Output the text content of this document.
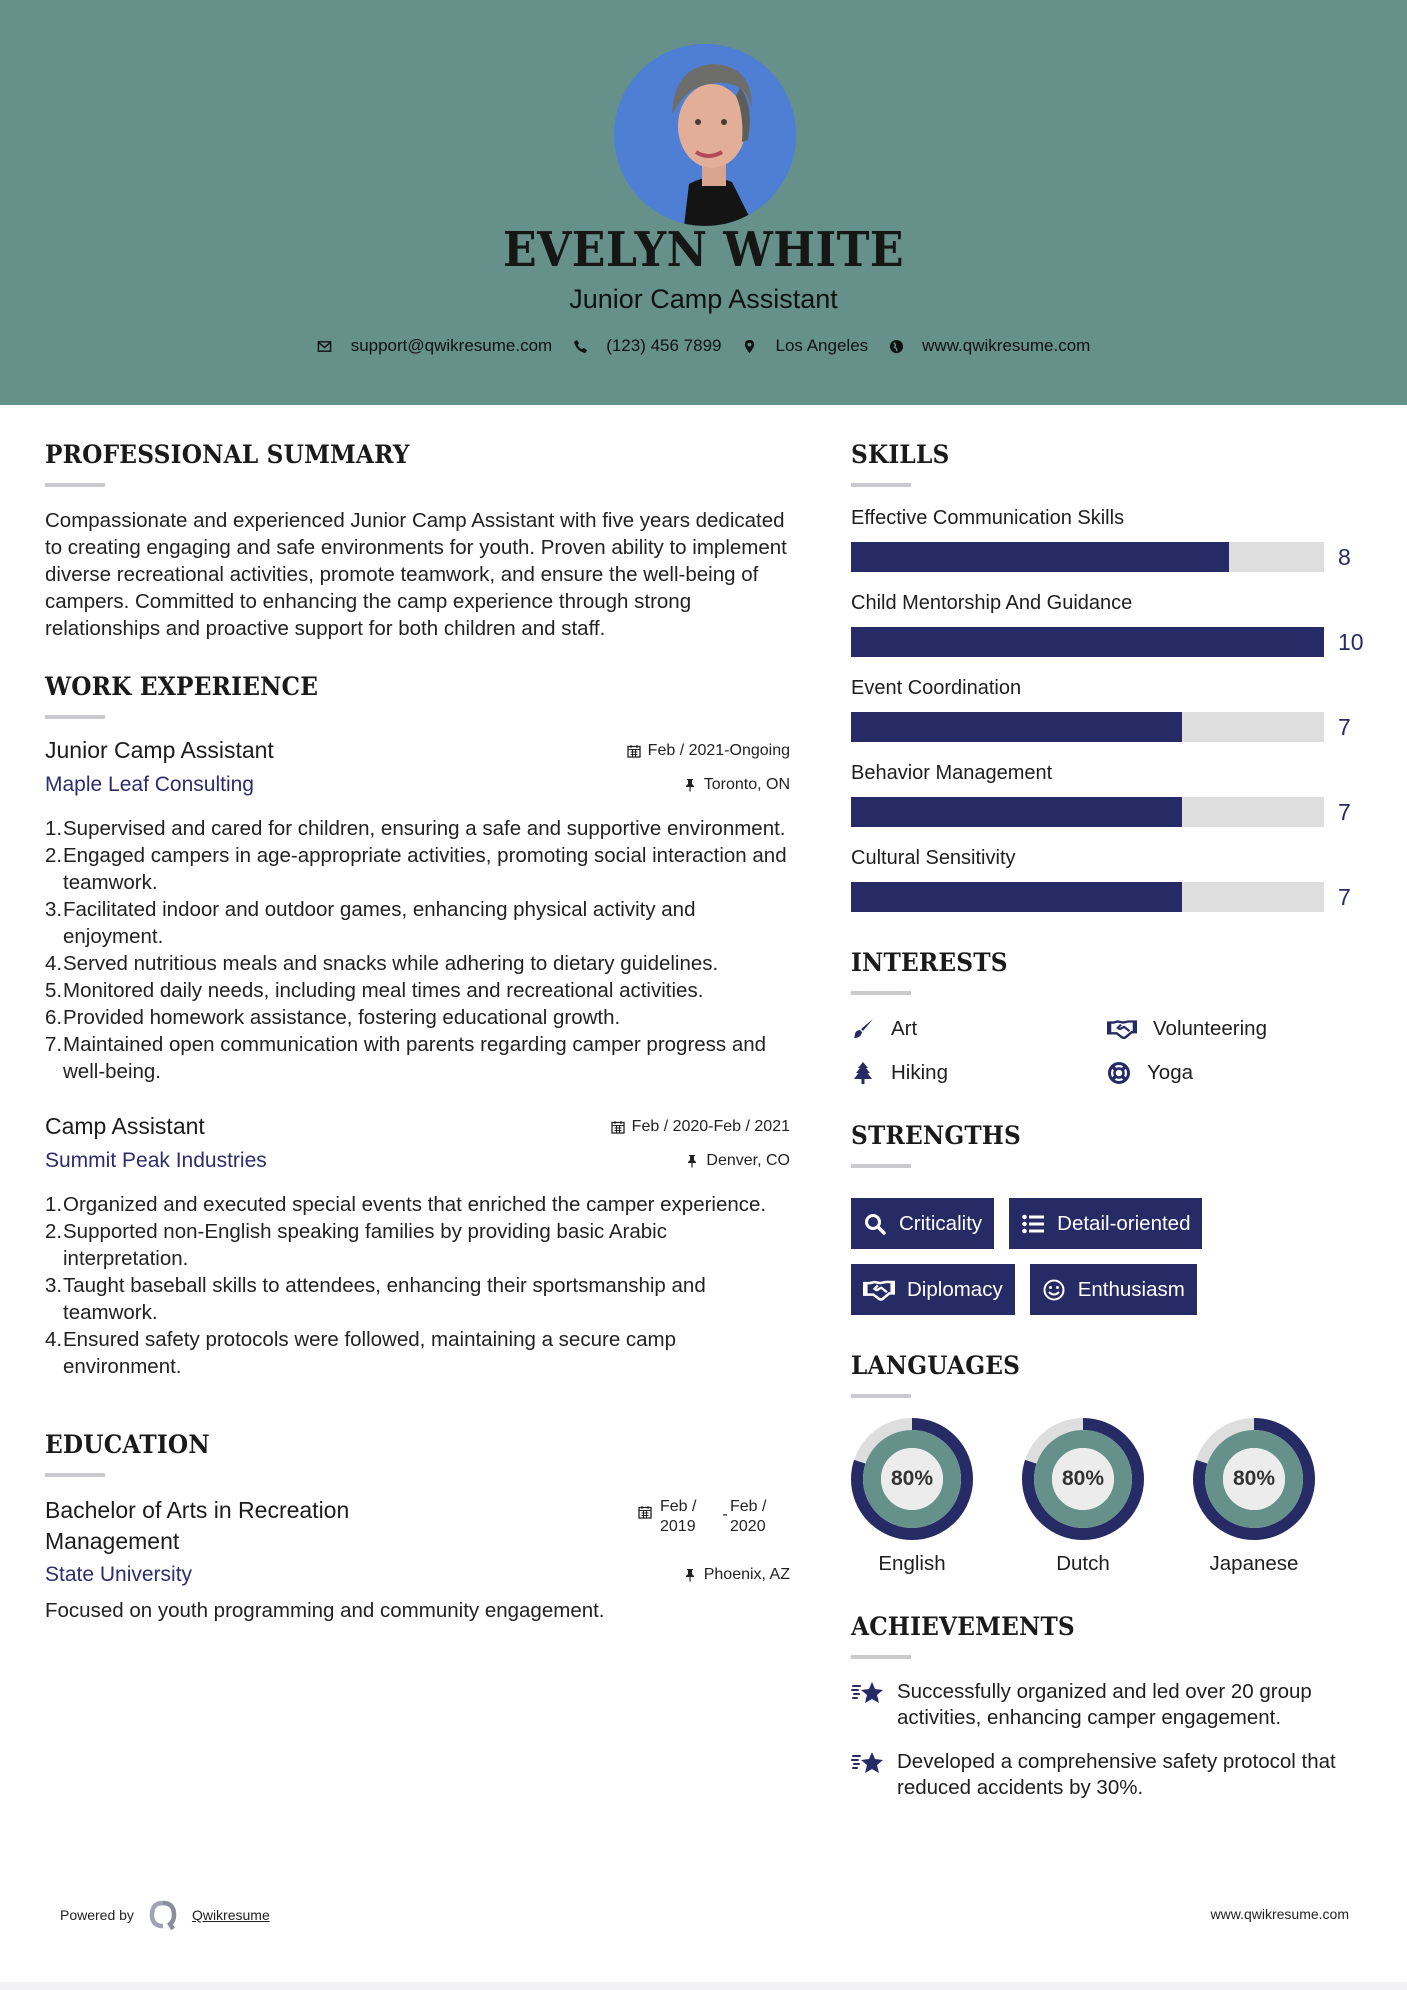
EVELYN WHITE
Junior Camp Assistant
support@qwikresume.com	(123) 456 7899	Los Angeles	www.qwikresume.com
PROFESSIONAL SUMMARY

Compassionate and experienced Junior Camp Assistant with five years dedicated to creating engaging and safe environments for youth. Proven ability to implement diverse recreational activities, promote teamwork, and ensure the well-being of campers. Committed to enhancing the camp experience through strong relationships and proactive support for both children and staff.

WORK EXPERIENCE
Junior Camp Assistant	Feb / 2021-Ongoing
Maple Leaf Consulting	Toronto, ON
1. Supervised and cared for children, ensuring a safe and supportive environment.
2. Engaged campers in age-appropriate activities, promoting social interaction and teamwork.
3. Facilitated indoor and outdoor games, enhancing physical activity and enjoyment.
4. Served nutritious meals and snacks while adhering to dietary guidelines.
5. Monitored daily needs, including meal times and recreational activities.
6. Provided homework assistance, fostering educational growth.
7. Maintained open communication with parents regarding camper progress and well-being.
Camp Assistant	Feb / 2020-Feb / 2021
Summit Peak Industries	Denver, CO
1. Organized and executed special events that enriched the camper experience.
2. Supported non-English speaking families by providing basic Arabic interpretation.
3. Taught baseball skills to attendees, enhancing their sportsmanship and teamwork.
4. Ensured safety protocols were followed, maintaining a secure camp environment.
EDUCATION
Bachelor of Arts in Recreation Management
Feb / 2019
- Feb / 2020
State University	Phoenix, AZ

Focused on youth programming and community engagement.

SKILLS
Effective Communication Skills
8
Child Mentorship And Guidance
10
Event Coordination
7
Behavior Management
7
Cultural Sensitivity
7
INTERESTS
Art	Volunteering
Hiking	Yoga
STRENGTHS
Criticality	Detail-oriented
Diplomacy	Enthusiasm
LANGUAGES
80%
English
80%
Dutch
80%
Japanese
ACHIEVEMENTS
Successfully organized and led over 20 group activities, enhancing camper engagement.
Developed a comprehensive safety protocol that reduced accidents by 30%.
Powered by	Qwikresume	www.qwikresume.com
